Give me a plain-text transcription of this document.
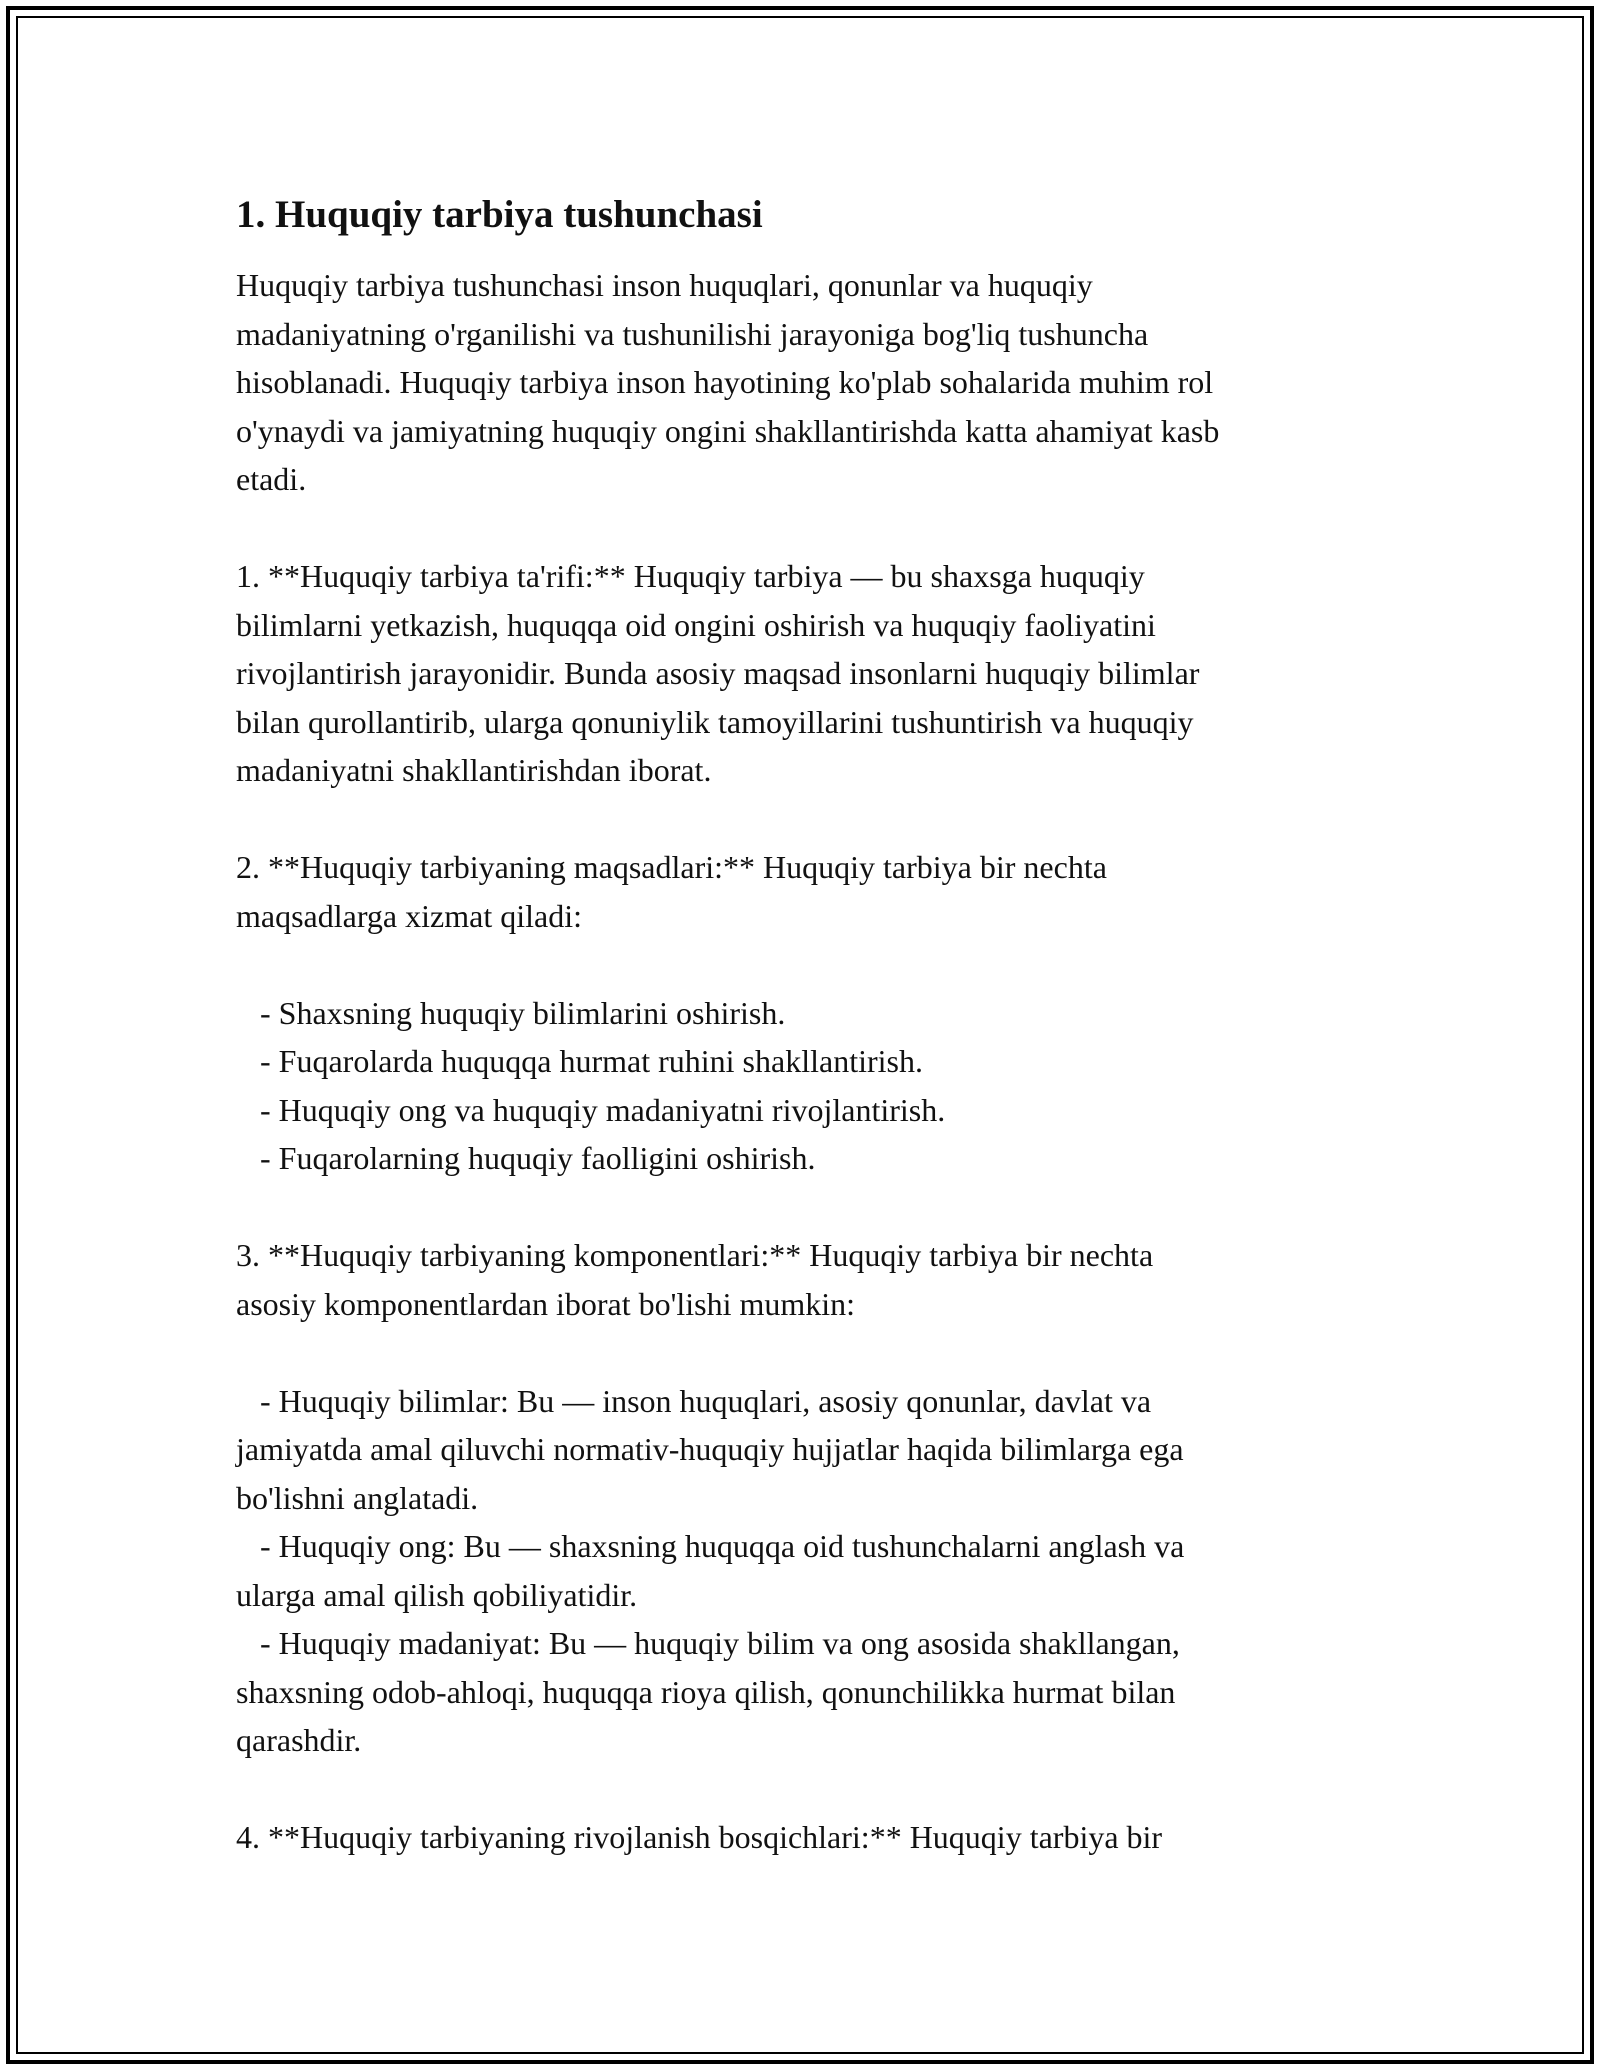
1. Huquqiy tarbiya tushunchasi

Huquqiy tarbiya tushunchasi inson huquqlari, qonunlar va huquqiy
madaniyatning o'rganilishi va tushunilishi jarayoniga bog'liq tushuncha
hisoblanadi. Huquqiy tarbiya inson hayotining ko'plab sohalarida muhim rol
o'ynaydi va jamiyatning huquqiy ongini shakllantirishda katta ahamiyat kasb
etadi.

1. **Huquqiy tarbiya ta'rifi:** Huquqiy tarbiya — bu shaxsga huquqiy
bilimlarni yetkazish, huquqqa oid ongini oshirish va huquqiy faoliyatini
rivojlantirish jarayonidir. Bunda asosiy maqsad insonlarni huquqiy bilimlar
bilan qurollantirib, ularga qonuniylik tamoyillarini tushuntirish va huquqiy
madaniyatni shakllantirishdan iborat.

2. **Huquqiy tarbiyaning maqsadlari:** Huquqiy tarbiya bir nechta
maqsadlarga xizmat qiladi:

- Shaxsning huquqiy bilimlarini oshirish.
- Fuqarolarda huquqqa hurmat ruhini shakllantirish.
- Huquqiy ong va huquqiy madaniyatni rivojlantirish.
- Fuqarolarning huquqiy faolligini oshirish.

3. **Huquqiy tarbiyaning komponentlari:** Huquqiy tarbiya bir nechta
asosiy komponentlardan iborat bo'lishi mumkin:

- Huquqiy bilimlar: Bu — inson huquqlari, asosiy qonunlar, davlat va
jamiyatda amal qiluvchi normativ-huquqiy hujjatlar haqida bilimlarga ega
bo'lishni anglatadi.
- Huquqiy ong: Bu — shaxsning huquqqa oid tushunchalarni anglash va
ularga amal qilish qobiliyatidir.
- Huquqiy madaniyat: Bu — huquqiy bilim va ong asosida shakllangan,
shaxsning odob-ahloqi, huquqqa rioya qilish, qonunchilikka hurmat bilan
qarashdir.

4. **Huquqiy tarbiyaning rivojlanish bosqichlari:** Huquqiy tarbiya bir
